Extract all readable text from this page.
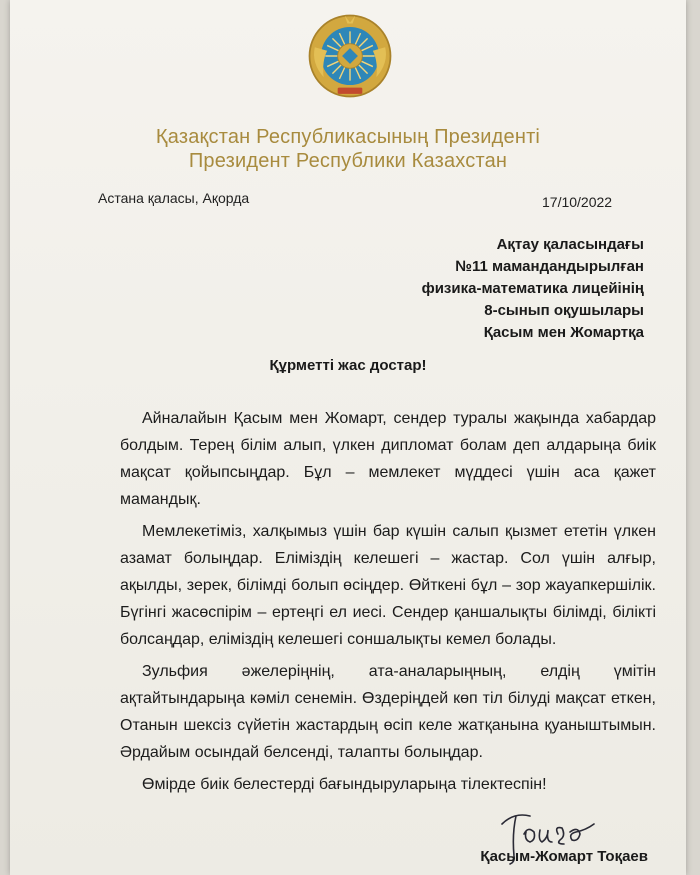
Қазақстан Республикасының Президенті
Президент Республики Казахстан
Астана қаласы, Ақорда	17/10/2022
Ақтау қаласындағы
№11 мамандандырылған
физика-математика лицейінің
8-сынып оқушылары
Қасым мен Жомартқа
Құрметті жас достар!

Айналайын Қасым мен Жомарт, сендер туралы жақында хабардар болдым. Терең білім алып, үлкен дипломат болам деп алдарыңа биік мақсат қойыпсыңдар. Бұл – мемлекет мүддесі үшін аса қажет мамандық.

Мемлекетіміз, халқымыз үшін бар күшін салып қызмет ететін үлкен азамат болыңдар. Еліміздің келешегі – жастар. Сол үшін алғыр, ақылды, зерек, білімді болып өсіңдер. Өйткені бұл – зор жауапкершілік. Бүгінгі жасөспірім – ертеңгі ел иесі. Сендер қаншалықты білімді, білікті болсаңдар, еліміздің келешегі соншалықты кемел болады.

Зульфия әжелеріңнің, ата-аналарыңның, елдің үмітін ақтайтындарыңа кәміл сенемін. Өздеріңдей көп тіл білуді мақсат еткен, Отанын шексіз сүйетін жастардың өсіп келе жатқанына қуаныштымын. Әрдайым осындай белсенді, талапты болыңдар.

Өмірде биік белестерді бағындыруларыңа тілектеспін!

Қасым-Жомарт Тоқаев
